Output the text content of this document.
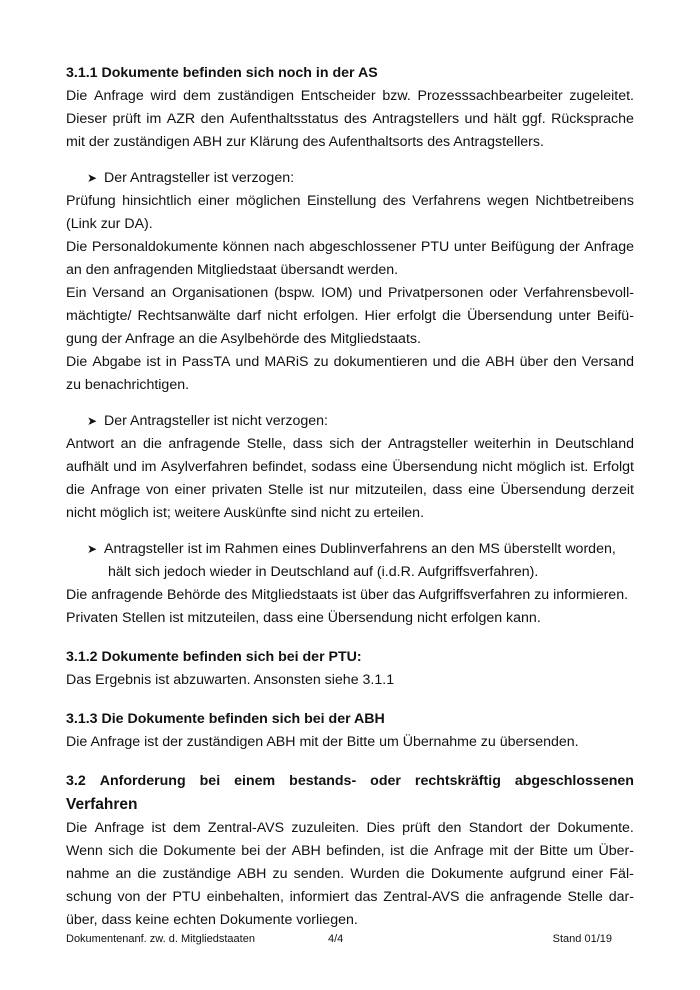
3.1.1 Dokumente befinden sich noch in der AS
Die Anfrage wird dem zuständigen Entscheider bzw. Prozesssachbearbeiter zugeleitet.
Dieser prüft im AZR den Aufenthaltsstatus des Antragstellers und hält ggf. Rücksprache
mit der zuständigen ABH zur Klärung des Aufenthaltsorts des Antragstellers.
➤ Der Antragsteller ist verzogen:
Prüfung hinsichtlich einer möglichen Einstellung des Verfahrens wegen Nichtbetreibens
(Link zur DA).
Die Personaldokumente können nach abgeschlossener PTU unter Beifügung der Anfrage
an den anfragenden Mitgliedstaat übersandt werden.
Ein Versand an Organisationen (bspw. IOM) und Privatpersonen oder Verfahrensbevoll-
mächtigte/ Rechtsanwälte darf nicht erfolgen. Hier erfolgt die Übersendung unter Beifü-
gung der Anfrage an die Asylbehörde des Mitgliedstaats.
Die Abgabe ist in PassTA und MARiS zu dokumentieren und die ABH über den Versand
zu benachrichtigen.
➤ Der Antragsteller ist nicht verzogen:
Antwort an die anfragende Stelle, dass sich der Antragsteller weiterhin in Deutschland
aufhält und im Asylverfahren befindet, sodass eine Übersendung nicht möglich ist. Erfolgt
die Anfrage von einer privaten Stelle ist nur mitzuteilen, dass eine Übersendung derzeit
nicht möglich ist; weitere Auskünfte sind nicht zu erteilen.
➤ Antragsteller ist im Rahmen eines Dublinverfahrens an den MS überstellt worden,
hält sich jedoch wieder in Deutschland auf (i.d.R. Aufgriffsverfahren).
Die anfragende Behörde des Mitgliedstaats ist über das Aufgriffsverfahren zu informieren.
Privaten Stellen ist mitzuteilen, dass eine Übersendung nicht erfolgen kann.
3.1.2 Dokumente befinden sich bei der PTU:
Das Ergebnis ist abzuwarten. Ansonsten siehe 3.1.1
3.1.3 Die Dokumente befinden sich bei der ABH
Die Anfrage ist der zuständigen ABH mit der Bitte um Übernahme zu übersenden.
3.2 Anforderung bei einem bestands- oder rechtskräftig abgeschlossenen
Verfahren
Die Anfrage ist dem Zentral-AVS zuzuleiten. Dies prüft den Standort der Dokumente.
Wenn sich die Dokumente bei der ABH befinden, ist die Anfrage mit der Bitte um Über-
nahme an die zuständige ABH zu senden. Wurden die Dokumente aufgrund einer Fäl-
schung von der PTU einbehalten, informiert das Zentral-AVS die anfragende Stelle dar-
über, dass keine echten Dokumente vorliegen.
Dokumentenanf. zw. d. Mitgliedstaaten	4/4	Stand 01/19
